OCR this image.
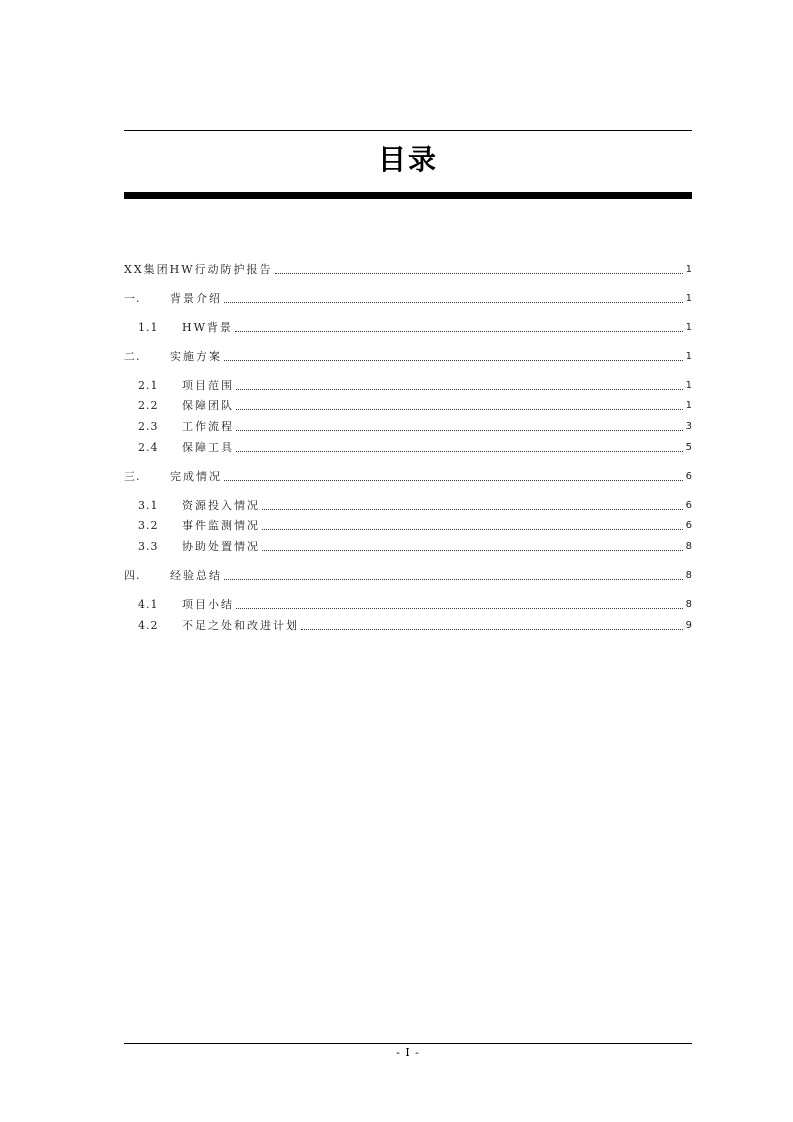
目录
XX集团HW行动防护报告	1
一.	背景介绍	1
1.1	HW背景	1
二.	实施方案	1
2.1	项目范围	1
2.2	保障团队	1
2.3	工作流程	3
2.4	保障工具	5
三.	完成情况	6
3.1	资源投入情况	6
3.2	事件监测情况	6
3.3	协助处置情况	8
四.	经验总结	8
4.1	项目小结	8
4.2	不足之处和改进计划	9
- I -
